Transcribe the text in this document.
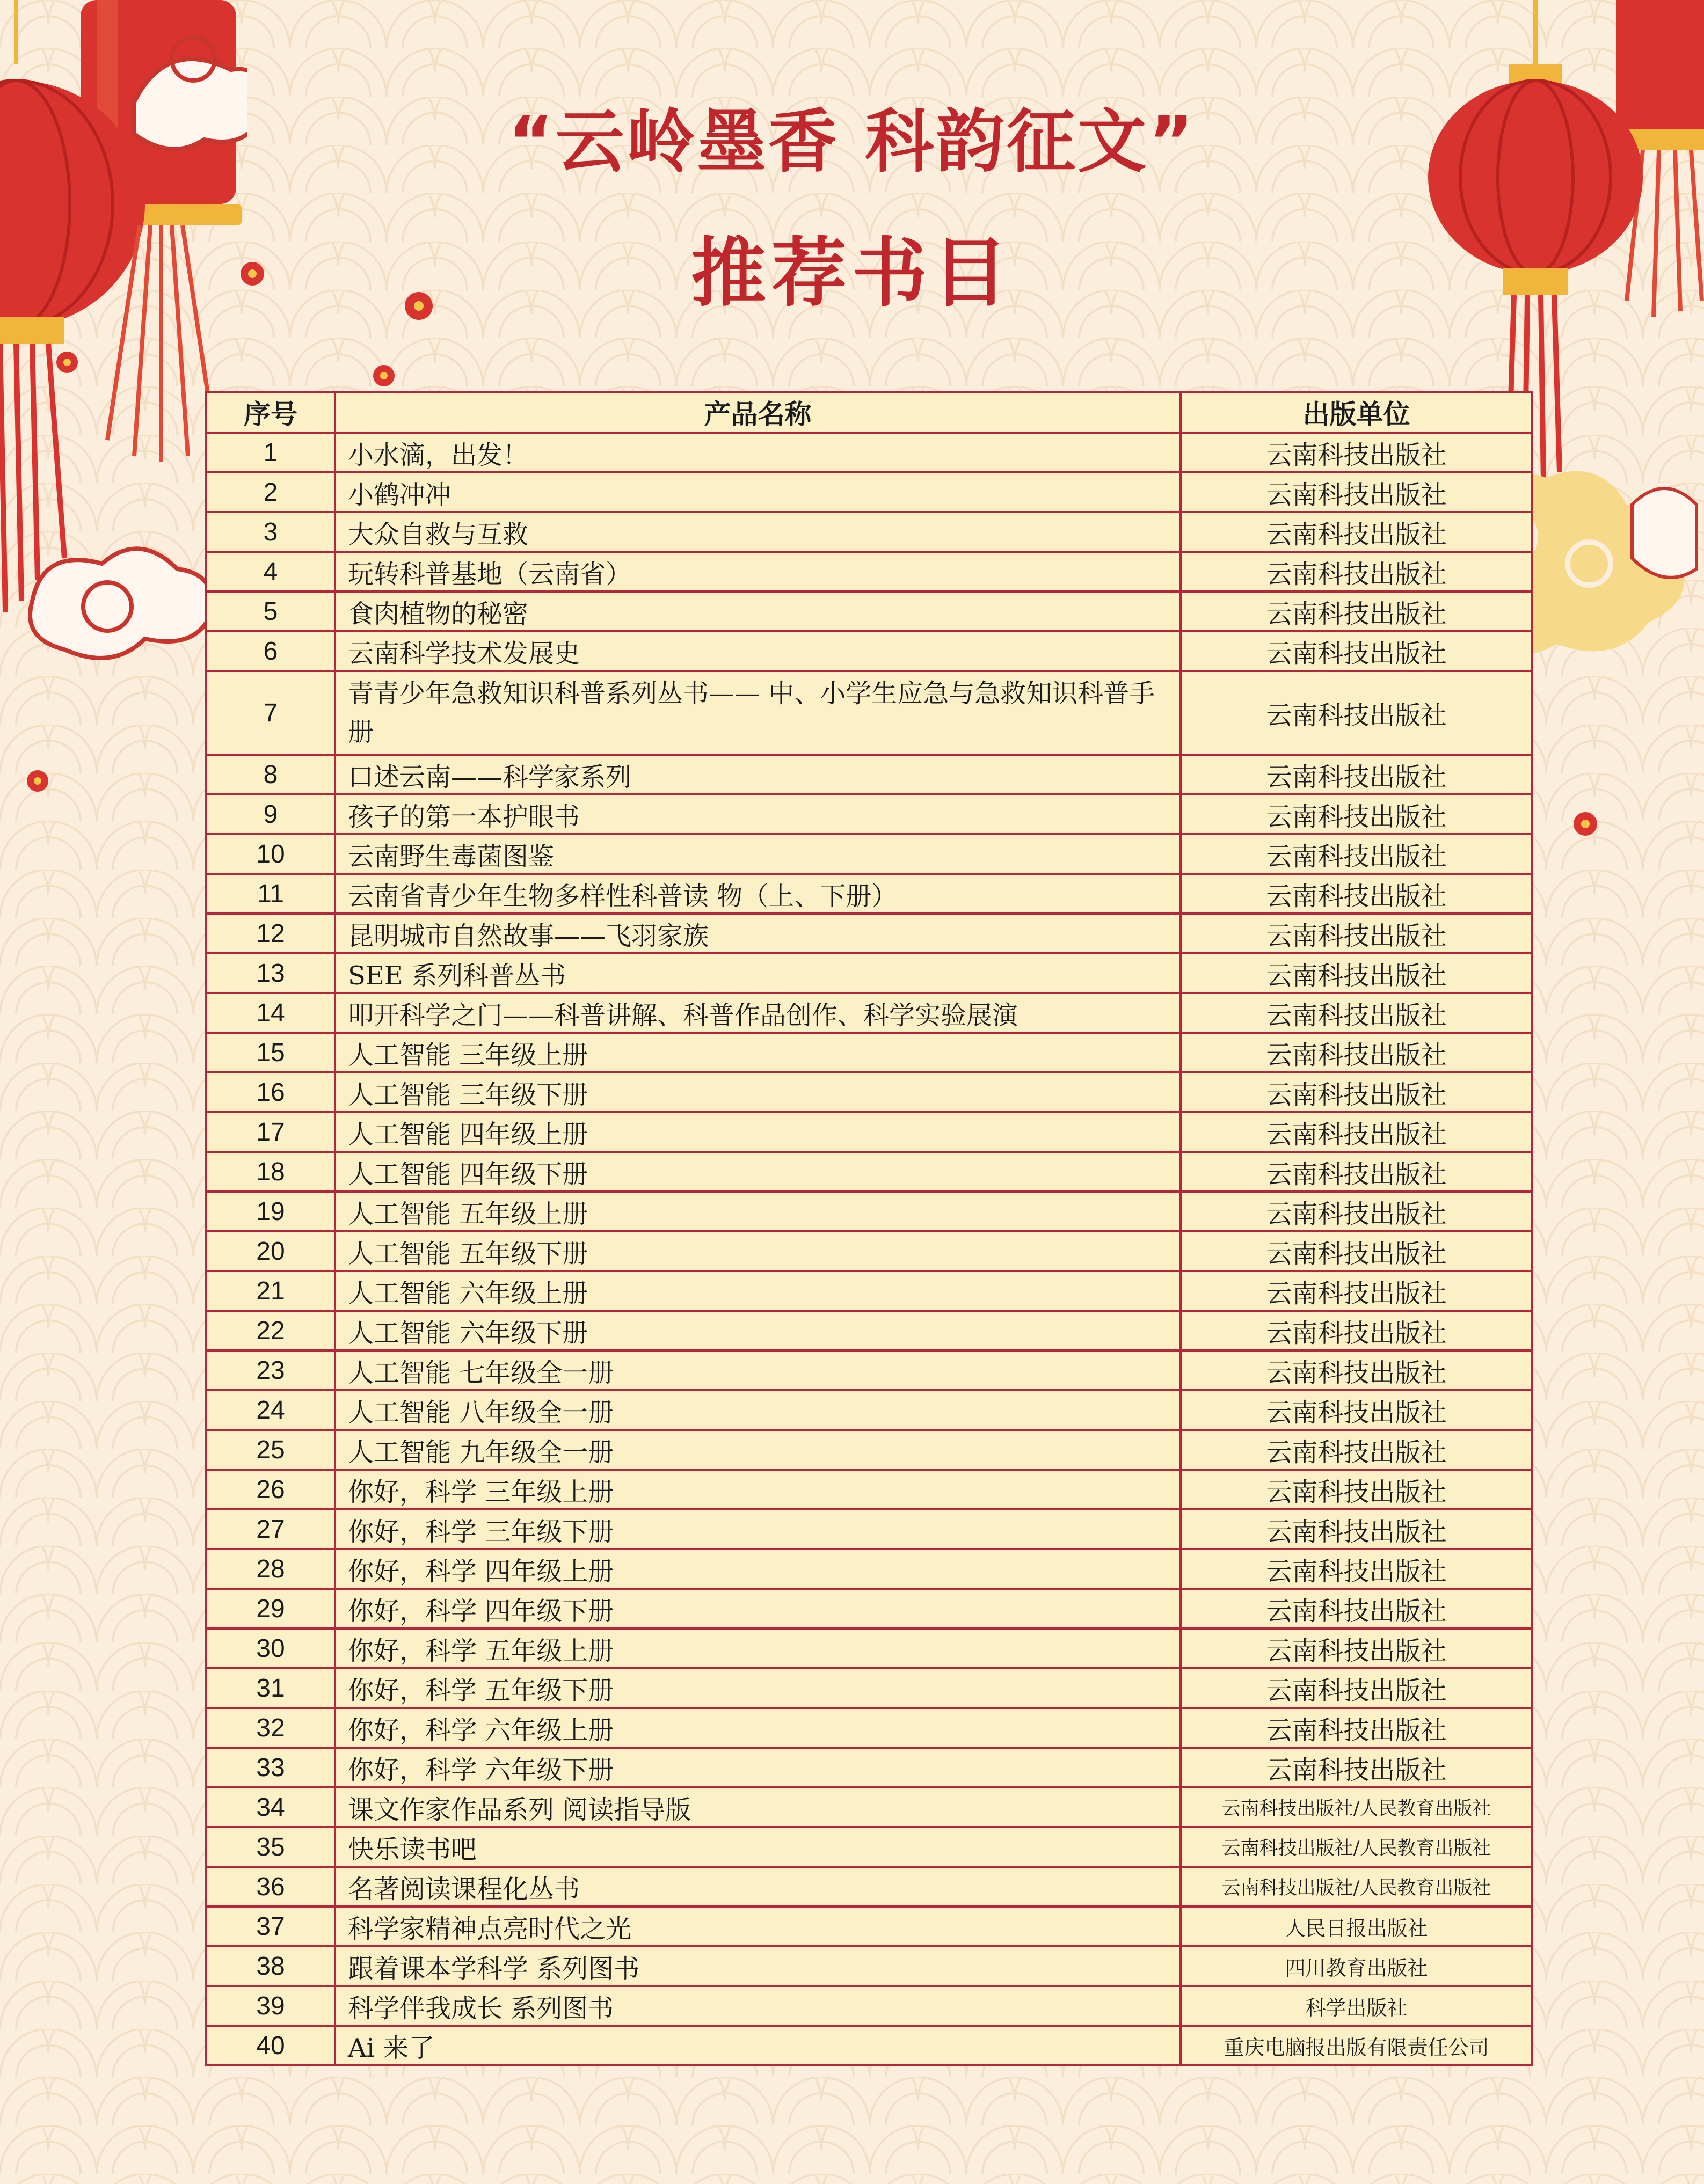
“云岭墨香 科韵征文”
推荐书目
序号	产品名称	出版单位
1	小水滴，出发！	云南科技出版社
2	小鹤冲冲	云南科技出版社
3	大众自救与互救	云南科技出版社
4	玩转科普基地（云南省）	云南科技出版社
5	食肉植物的秘密	云南科技出版社
6	云南科学技术发展史	云南科技出版社
7	青青少年急救知识科普系列丛书—— 中、小学生应急与急救知识科普手册	云南科技出版社
8	口述云南——科学家系列	云南科技出版社
9	孩子的第一本护眼书	云南科技出版社
10	云南野生毒菌图鉴	云南科技出版社
11	云南省青少年生物多样性科普读 物（上、下册）	云南科技出版社
12	昆明城市自然故事——飞羽家族	云南科技出版社
13	SEE 系列科普丛书	云南科技出版社
14	叩开科学之门——科普讲解、科普作品创作、科学实验展演	云南科技出版社
15	人工智能 三年级上册	云南科技出版社
16	人工智能 三年级下册	云南科技出版社
17	人工智能 四年级上册	云南科技出版社
18	人工智能 四年级下册	云南科技出版社
19	人工智能 五年级上册	云南科技出版社
20	人工智能 五年级下册	云南科技出版社
21	人工智能 六年级上册	云南科技出版社
22	人工智能 六年级下册	云南科技出版社
23	人工智能 七年级全一册	云南科技出版社
24	人工智能 八年级全一册	云南科技出版社
25	人工智能 九年级全一册	云南科技出版社
26	你好，科学 三年级上册	云南科技出版社
27	你好，科学 三年级下册	云南科技出版社
28	你好，科学 四年级上册	云南科技出版社
29	你好，科学 四年级下册	云南科技出版社
30	你好，科学 五年级上册	云南科技出版社
31	你好，科学 五年级下册	云南科技出版社
32	你好，科学 六年级上册	云南科技出版社
33	你好，科学 六年级下册	云南科技出版社
34	课文作家作品系列 阅读指导版	云南科技出版社/人民教育出版社
35	快乐读书吧	云南科技出版社/人民教育出版社
36	名著阅读课程化丛书	云南科技出版社/人民教育出版社
37	科学家精神点亮时代之光	人民日报出版社
38	跟着课本学科学 系列图书	四川教育出版社
39	科学伴我成长 系列图书	科学出版社
40	Ai 来了	重庆电脑报出版有限责任公司
